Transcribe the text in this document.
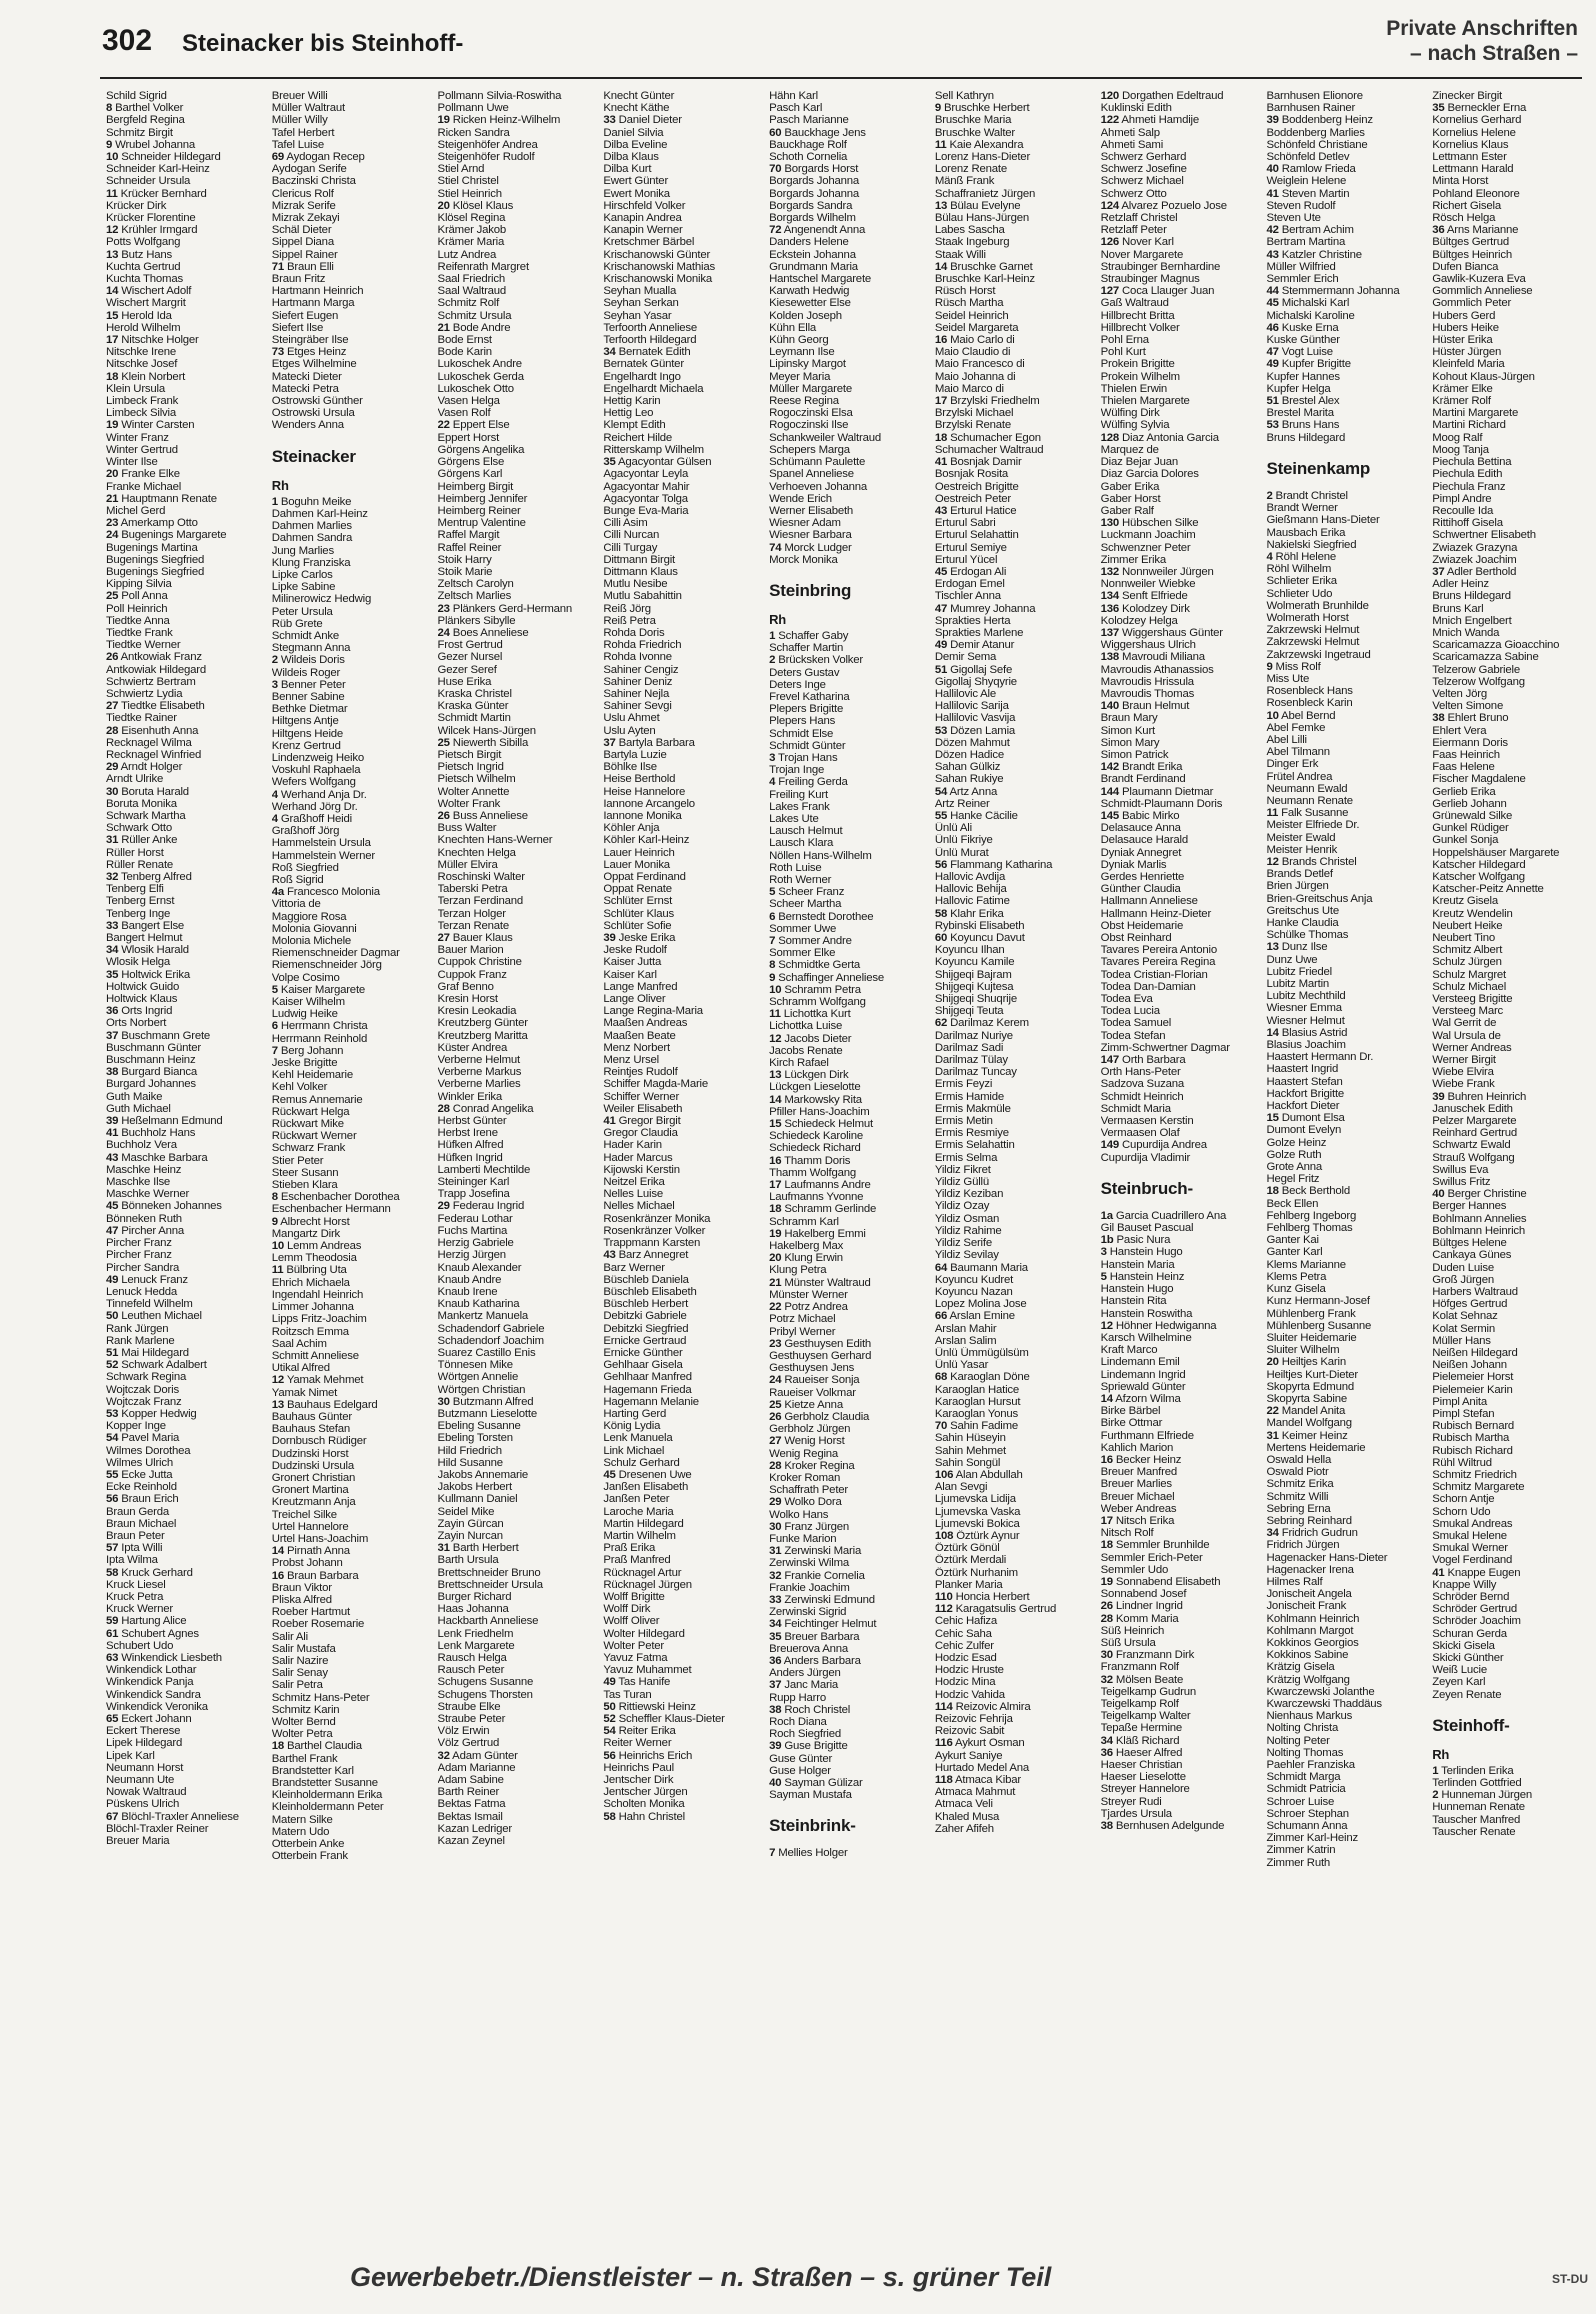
302 Steinacker bis Steinhoff-
Private Anschriften
– nach Straßen –
Schild Sigrid
8 Barthel Volker
Bergfeld Regina
Schmitz Birgit
9 Wrubel Johanna
10 Schneider Hildegard
Schneider Karl-Heinz
Schneider Ursula
11 Krücker Bernhard
Krücker Dirk
Krücker Florentine
12 Krühler Irmgard
Potts Wolfgang
13 Butz Hans
Kuchta Gertrud
Kuchta Thomas
14 Wischert Adolf
Wischert Margrit
15 Herold Ida
Herold Wilhelm
17 Nitschke Holger
Nitschke Irene
Nitschke Josef
18 Klein Norbert
Klein Ursula
Limbeck Frank
Limbeck Silvia
19 Winter Carsten
Winter Franz
Winter Gertrud
Winter Ilse
20 Franke Elke
Franke Michael
21 Hauptmann Renate
Michel Gerd
23 Amerkamp Otto
24 Bugenings Margarete
Bugenings Martina
Bugenings Siegfried
Bugenings Siegfried
Kipping Silvia
25 Poll Anna
Poll Heinrich
Tiedtke Anna
Tiedtke Frank
Tiedtke Werner
26 Antkowiak Franz
Antkowiak Hildegard
Schwiertz Bertram
Schwiertz Lydia
27 Tiedtke Elisabeth
Tiedtke Rainer
28 Eisenhuth Anna
Recknagel Wilma
Recknagel Winfried
29 Arndt Holger
Arndt Ulrike
30 Boruta Harald
Boruta Monika
Schwark Martha
Schwark Otto
31 Rüller Anke
Rüller Horst
Rüller Renate
32 Tenberg Alfred
Tenberg Elfi
Tenberg Ernst
Tenberg Inge
33 Bangert Else
Bangert Helmut
34 Wlosik Harald
Wlosik Helga
35 Holtwick Erika
Holtwick Guido
Holtwick Klaus
36 Orts Ingrid
Orts Norbert
37 Buschmann Grete
Buschmann Günter
Buschmann Heinz
38 Burgard Bianca
Burgard Johannes
Guth Maike
Guth Michael
39 Heßelmann Edmund
41 Buchholz Hans
Buchholz Vera
43 Maschke Barbara
Maschke Heinz
Maschke Ilse
Maschke Werner
45 Bönneken Johannes
Bönneken Ruth
47 Pircher Anna
Pircher Franz
Pircher Franz
Pircher Sandra
49 Lenuck Franz
Lenuck Hedda
Tinnefeld Wilhelm
50 Leuthen Michael
Rank Jürgen
Rank Marlene
51 Mai Hildegard
52 Schwark Adalbert
Schwark Regina
Wojtczak Doris
Wojtczak Franz
53 Kopper Hedwig
Kopper Inge
54 Pavel Maria
Wilmes Dorothea
Wilmes Ulrich
55 Ecke Jutta
Ecke Reinhold
56 Braun Erich
Braun Gerda
Braun Michael
Braun Peter
57 Ipta Willi
Ipta Wilma
58 Kruck Gerhard
Kruck Liesel
Kruck Petra
Kruck Werner
59 Hartung Alice
61 Schubert Agnes
Schubert Udo
63 Winkendick Liesbeth
Winkendick Lothar
Winkendick Panja
Winkendick Sandra
Winkendick Veronika
65 Eckert Johann
Eckert Therese
Lipek Hildegard
Lipek Karl
Neumann Horst
Neumann Ute
Nowak Waltraud
Püskens Ulrich
67 Blöchl-Traxler Anneliese
Blöchl-Traxler Reiner
Breuer Maria
Breuer Willi
Müller Waltraut
Müller Willy
Tafel Herbert
Tafel Luise
69 Aydogan Recep
Aydogan Serife
Baczinski Christa
Clericus Rolf
Mizrak Serife
Mizrak Zekayi
Schäl Dieter
Sippel Diana
Sippel Rainer
71 Braun Elli
Braun Fritz
Hartmann Heinrich
Hartmann Marga
Siefert Eugen
Siefert Ilse
Steingräber Ilse
73 Etges Heinz
Etges Wilhelmine
Matecki Dieter
Matecki Petra
Ostrowski Günther
Ostrowski Ursula
Wenders Anna
Steinacker
Rh
1 Boguhn Meike
Dahmen Karl-Heinz
Dahmen Marlies
Dahmen Sandra
Jung Marlies
Klung Franziska
Lipke Carlos
Lipke Sabine
Milinerowicz Hedwig
Peter Ursula
Rüb Grete
Schmidt Anke
Stegmann Anna
2 Wildeis Doris
Wildeis Roger
3 Benner Peter
Benner Sabine
Bethke Dietmar
Hiltgens Antje
Hiltgens Heide
Krenz Gertrud
Lindenzweig Heiko
Voskuhl Raphaela
Wefers Wolfgang
4 Werhand Anja Dr.
Werhand Jörg Dr.
4 Graßhoff Heidi
Graßhoff Jörg
Hammelstein Ursula
Hammelstein Werner
Roß Siegfried
Roß Sigrid
4a Francesco Molonia
Vittoria de
Maggiore Rosa
Molonia Giovanni
Molonia Michele
Riemenschneider Dagmar
Riemenschneider Jörg
Volpe Cosimo
5 Kaiser Margarete
Kaiser Wilhelm
Ludwig Heike
6 Herrmann Christa
Herrmann Reinhold
7 Berg Johann
Jeske Brigitte
Kehl Heidemarie
Kehl Volker
Remus Annemarie
Rückwart Helga
Rückwart Mike
Rückwart Werner
Schwarz Frank
Stier Peter
Steer Susann
Stieben Klara
8 Eschenbacher Dorothea
Eschenbacher Hermann
9 Albrecht Horst
Mangartz Dirk
10 Lemm Andreas
Lemm Theodosia
11 Bülbring Uta
Ehrich Michaela
Ingendahl Heinrich
Limmer Johanna
Lipps Fritz-Joachim
Roitzsch Emma
Saal Achim
Schmitt Anneliese
Utikal Alfred
12 Yamak Mehmet
Yamak Nimet
13 Bauhaus Edelgard
Bauhaus Günter
Bauhaus Stefan
Dornbusch Rüdiger
Dudzinski Horst
Dudzinski Ursula
Gronert Christian
Gronert Martina
Kreutzmann Anja
Treichel Silke
Urtel Hannelore
Urtel Hans-Joachim
14 Pirnath Anna
Probst Johann
16 Braun Barbara
Braun Viktor
Pliska Alfred
Roeber Hartmut
Roeber Rosemarie
Salir Ali
Salir Mustafa
Salir Nazire
Salir Senay
Salir Petra
Schmitz Hans-Peter
Schmitz Karin
Wolter Bernd
Wolter Petra
18 Barthel Claudia
Barthel Frank
Brandstetter Karl
Brandstetter Susanne
Kleinholdermann Erika
Kleinholdermann Peter
Matern Silke
Matern Udo
Otterbein Anke
Otterbein Frank
Pollmann Silvia-Roswitha
Pollmann Uwe
19 Ricken Heinz-Wilhelm
Ricken Sandra
Steigenhöfer Andrea
Steigenhöfer Rudolf
Stiel Arnd
Stiel Christel
Stiel Heinrich
20 Klösel Klaus
Klösel Regina
Krämer Jakob
Krämer Maria
Lutz Andrea
Reifenrath Margret
Saal Friedrich
Saal Waltraud
Schmitz Rolf
Schmitz Ursula
21 Bode Andre
Bode Ernst
Bode Karin
Lukoschek Andre
Lukoschek Gerda
Lukoschek Otto
Vasen Helga
Vasen Rolf
22 Eppert Else
Eppert Horst
Görgens Angelika
Görgens Else
Görgens Karl
Heimberg Birgit
Heimberg Jennifer
Heimberg Reiner
Mentrup Valentine
Raffel Margit
Raffel Reiner
Stoik Harry
Stoik Marie
Zeltsch Carolyn
Zeltsch Marlies
23 Plänkers Gerd-Hermann
Plänkers Sibylle
24 Boes Anneliese
Frost Gertrud
Gezer Nursel
Gezer Seref
Huse Erika
Kraska Christel
Kraska Günter
Schmidt Martin
Wilcek Hans-Jürgen
25 Niewerth Sibilla
Pietsch Birgit
Pietsch Ingrid
Pietsch Wilhelm
Wolter Annette
Wolter Frank
26 Buss Anneliese
Buss Walter
Knechten Hans-Werner
Knechten Helga
Müller Elvira
Roschinski Walter
Taberski Petra
Terzan Ferdinand
Terzan Holger
Terzan Renate
27 Bauer Klaus
Bauer Marion
Cuppok Christine
Cuppok Franz
Graf Benno
Kresin Horst
Kresin Leokadia
Kreutzberg Günter
Kreutzberg Maritta
Küster Andrea
Verberne Helmut
Verberne Markus
Verberne Marlies
Winkler Erika
28 Conrad Angelika
Herbst Günter
Herbst Irene
Hüfken Alfred
Hüfken Ingrid
Lamberti Mechtilde
Steininger Karl
Trapp Josefina
29 Federau Ingrid
Federau Lothar
Fuchs Martina
Herzig Gabriele
Herzig Jürgen
Knaub Alexander
Knaub Andre
Knaub Irene
Knaub Katharina
Mankertz Manuela
Schadendorf Gabriele
Schadendorf Joachim
Suarez Castillo Enis
Tönnesen Mike
Wörtgen Annelie
Wörtgen Christian
30 Butzmann Alfred
Butzmann Lieselotte
Ebeling Susanne
Ebeling Torsten
Hild Friedrich
Hild Susanne
Jakobs Annemarie
Jakobs Herbert
Kullmann Daniel
Seidel Mike
Zayin Gürcan
Zayin Nurcan
31 Barth Herbert
Barth Ursula
Brettschneider Bruno
Brettschneider Ursula
Burger Richard
Haas Johanna
Hackbarth Anneliese
Lenk Friedhelm
Lenk Margarete
Rausch Helga
Rausch Peter
Schugens Susanne
Schugens Thorsten
Straube Elke
Straube Peter
Völz Erwin
Völz Gertrud
32 Adam Günter
Adam Marianne
Adam Sabine
Barth Reiner
Bektas Fatma
Bektas Ismail
Kazan Ledriger
Kazan Zeynel
Knecht Günter
Knecht Käthe
33 Daniel Dieter
Daniel Silvia
Dilba Eveline
Dilba Klaus
Dilba Kurt
Ewert Günter
Ewert Monika
Hirschfeld Volker
Kanapin Andrea
Kanapin Werner
Kretschmer Bärbel
Krischanowski Günter
Krischanowski Mathias
Krischanowski Monika
Seyhan Mualla
Seyhan Serkan
Seyhan Yasar
Terfoorth Anneliese
Terfoorth Hildegard
34 Bernatek Edith
Bernatek Günter
Engelhardt Ingo
Engelhardt Michaela
Hettig Karin
Hettig Leo
Klempt Edith
Reichert Hilde
Ritterskamp Wilhelm
35 Agacyontar Gülsen
Agacyontar Leyla
Agacyontar Mahir
Agacyontar Tolga
Bunge Eva-Maria
Cilli Asim
Cilli Nurcan
Cilli Turgay
Dittmann Birgit
Dittmann Klaus
Mutlu Nesibe
Mutlu Sabahittin
Reiß Jörg
Reiß Petra
Rohda Doris
Rohda Friedrich
Rohda Ivonne
Sahiner Cengiz
Sahiner Deniz
Sahiner Nejla
Sahiner Sevgi
Uslu Ahmet
Uslu Ayten
37 Bartyla Barbara
Bartyla Luzie
Böhlke Ilse
Heise Berthold
Heise Hannelore
Iannone Arcangelo
Iannone Monika
Köhler Anja
Köhler Karl-Heinz
Lauer Heinrich
Lauer Monika
Oppat Ferdinand
Oppat Renate
Schlüter Ernst
Schlüter Klaus
Schlüter Sofie
39 Jeske Erika
Jeske Rudolf
Kaiser Jutta
Kaiser Karl
Lange Manfred
Lange Oliver
Lange Regina-Maria
Maaßen Andreas
Maaßen Beate
Menz Norbert
Menz Ursel
Reintjes Rudolf
Schiffer Magda-Marie
Schiffer Werner
Weiler Elisabeth
41 Gregor Birgit
Gregor Claudia
Hader Karin
Hader Marcus
Kijowski Kerstin
Neitzel Erika
Nelles Luise
Nelles Michael
Rosenkränzer Monika
Rosenkränzer Volker
Trappmann Karsten
43 Barz Annegret
Barz Werner
Büschleb Daniela
Büschleb Elisabeth
Büschleb Herbert
Debitzki Gabriele
Debitzki Siegfried
Ernicke Gertraud
Ernicke Günther
Gehlhaar Gisela
Gehlhaar Manfred
Hagemann Frieda
Hagemann Melanie
Harting Gerd
König Lydia
Lenk Manuela
Link Michael
Schulz Gerhard
45 Dresenen Uwe
Janßen Elisabeth
Janßen Peter
Laroche Maria
Martin Hildegard
Martin Wilhelm
Praß Erika
Praß Manfred
Rücknagel Artur
Rücknagel Jürgen
Wolff Brigitte
Wolff Dirk
Wolff Oliver
Wolter Hildegard
Wolter Peter
Yavuz Fatma
Yavuz Muhammet
49 Tas Hanife
Tas Turan
50 Rittiewski Heinz
52 Scheffler Klaus-Dieter
54 Reiter Erika
Reiter Werner
56 Heinrichs Erich
Heinrichs Paul
Jentscher Dirk
Jentscher Jürgen
Scholten Monika
58 Hahn Christel
Hähn Karl
Pasch Karl
Pasch Marianne
60 Bauckhage Jens
Bauckhage Rolf
Schoth Cornelia
70 Borgards Horst
Borgards Johanna
Borgards Johanna
Borgards Sandra
Borgards Wilhelm
72 Angenendt Anna
Danders Helene
Eckstein Johanna
Grundmann Maria
Hantschel Margarete
Karwath Hedwig
Kiesewetter Else
Kolden Joseph
Kühn Ella
Kühn Georg
Leymann Ilse
Lipinsky Margot
Meyer Maria
Müller Margarete
Reese Regina
Rogoczinski Elsa
Rogoczinski Ilse
Schankweiler Waltraud
Schepers Marga
Schümann Paulette
Spanel Anneliese
Verhoeven Johanna
Wende Erich
Werner Elisabeth
Wiesner Adam
Wiesner Barbara
74 Morck Ludger
Morck Monika
Steinbring
Rh
1 Schaffer Gaby
Schaffer Martin
2 Brücksken Volker
Deters Gustav
Deters Inge
Frevel Katharina
Plepers Brigitte
Plepers Hans
Schmidt Else
Schmidt Günter
3 Trojan Hans
Trojan Inge
4 Freiling Gerda
Freiling Kurt
Lakes Frank
Lakes Ute
Lausch Helmut
Lausch Klara
Nöllen Hans-Wilhelm
Roth Luise
Roth Werner
5 Scheer Franz
Scheer Martha
6 Bernstedt Dorothee
Sommer Uwe
7 Sommer Andre
Sommer Elke
8 Schmidtke Gerta
9 Schaffinger Anneliese
10 Schramm Petra
Schramm Wolfgang
11 Lichottka Kurt
Lichottka Luise
12 Jacobs Dieter
Jacobs Renate
Kirch Rafael
13 Lückgen Dirk
Lückgen Lieselotte
14 Markowsky Rita
Pfiller Hans-Joachim
15 Schiedeck Helmut
Schiedeck Karoline
Schiedeck Richard
16 Thamm Doris
Thamm Wolfgang
17 Laufmanns Andre
Laufmanns Yvonne
18 Schramm Gerlinde
Schramm Karl
19 Hakelberg Emmi
Hakelberg Max
20 Klung Erwin
Klung Petra
21 Münster Waltraud
Münster Werner
22 Potrz Andrea
Potrz Michael
Pribyl Werner
23 Gesthuysen Edith
Gesthuysen Gerhard
Gesthuysen Jens
24 Raueiser Sonja
Raueiser Volkmar
25 Kietze Anna
26 Gerbholz Claudia
Gerbholz Jürgen
27 Wenig Horst
Wenig Regina
28 Kroker Regina
Kroker Roman
Schaffrath Peter
29 Wolko Dora
Wolko Hans
30 Franz Jürgen
Funke Marion
31 Zerwinski Maria
Zerwinski Wilma
32 Frankie Cornelia
Frankie Joachim
33 Zerwinski Edmund
Zerwinski Sigrid
34 Feichtinger Helmut
35 Breuer Barbara
Breuerova Anna
36 Anders Barbara
Anders Jürgen
37 Janc Maria
Rupp Harro
38 Roch Christel
Roch Diana
Roch Siegfried
39 Guse Brigitte
Guse Günter
Guse Holger
40 Sayman Gülizar
Sayman Mustafa
Steinbrink-
7 Mellies Holger
Sell Kathryn
9 Bruschke Herbert
Bruschke Maria
Bruschke Walter
11 Kaie Alexandra
Lorenz Hans-Dieter
Lorenz Renate
Mänß Frank
Schaffranietz Jürgen
13 Bülau Evelyne
Bülau Hans-Jürgen
Labes Sascha
Staak Ingeburg
Staak Willi
14 Bruschke Garnet
Bruschke Karl-Heinz
Rüsch Horst
Rüsch Martha
Seidel Heinrich
Seidel Margareta
16 Maio Carlo di
Maio Claudio di
Maio Francesco di
Maio Johanna di
Maio Marco di
17 Brzylski Friedhelm
Brzylski Michael
Brzylski Renate
18 Schumacher Egon
Schumacher Waltraud
41 Bosnjak Damir
Bosnjak Rosita
Oestreich Brigitte
Oestreich Peter
43 Erturul Hatice
Erturul Sabri
Erturul Selahattin
Erturul Semiye
Erturul Yücel
45 Erdogan Ali
Erdogan Emel
Tischler Anna
47 Mumrey Johanna
Sprakties Herta
Sprakties Marlene
49 Demir Atanur
Demir Sema
51 Gigollaj Sefe
Gigollaj Shyqyrie
Hallilovic Ale
Hallilovic Sarija
Hallilovic Vasvija
53 Dözen Lamia
Dözen Mahmut
Dözen Hadice
Sahan Gülkiz
Sahan Rukiye
54 Artz Anna
Artz Reiner
55 Hanke Cäcilie
Ünlü Ali
Ünlü Fikriye
Ünlü Murat
56 Flammang Katharina
Hallovic Avdija
Hallovic Behija
Hallovic Fatime
58 Klahr Erika
Rybinski Elisabeth
60 Koyuncu Davut
Koyuncu Ilhan
Koyuncu Kamile
Shijgeqi Bajram
Shijgeqi Kujtesa
Shijgeqi Shuqrije
Shijgeqi Teuta
62 Darilmaz Kerem
Darilmaz Nuriye
Darilmaz Sadi
Darilmaz Tülay
Darilmaz Tuncay
Ermis Feyzi
Ermis Hamide
Ermis Makmüle
Ermis Metin
Ermis Resmiye
Ermis Selahattin
Ermis Selma
Yildiz Fikret
Yildiz Güllü
Yildiz Keziban
Yildiz Ozay
Yildiz Osman
Yildiz Rahime
Yildiz Serife
Yildiz Sevilay
64 Baumann Maria
Koyuncu Kudret
Koyuncu Nazan
Lopez Molina Jose
66 Arslan Emine
Arslan Mahir
Arslan Salim
Ünlü Ümmügülsüm
Ünlü Yasar
68 Karaoglan Döne
Karaoglan Hatice
Karaoglan Hursut
Karaoglan Yonus
70 Sahin Fadime
Sahin Hüseyin
Sahin Mehmet
Sahin Songül
106 Alan Abdullah
Alan Sevgi
Ljumevska Lidija
Ljumevska Vaska
Ljumevski Bokica
108 Öztürk Aynur
Öztürk Gönül
Öztürk Merdali
Öztürk Nurhanim
Planker Maria
110 Honcia Herbert
112 Karagatsulis Gertrud
Cehic Hafiza
Cehic Saha
Cehic Zulfer
Hodzic Esad
Hodzic Hruste
Hodzic Mina
Hodzic Vahida
114 Reizovic Almira
Reizovic Fehrija
Reizovic Sabit
116 Aykurt Osman
Aykurt Saniye
Hurtado Medel Ana
118 Atmaca Kibar
Atmaca Mahmut
Atmaca Veli
Khaled Musa
Zaher Afifeh
120 Dorgathen Edeltraud
Kuklinski Edith
122 Ahmeti Hamdije
Ahmeti Salp
Ahmeti Sami
Schwerz Gerhard
Schwerz Josefine
Schwerz Michael
Schwerz Otto
124 Alvarez Pozuelo Jose
Retzlaff Christel
Retzlaff Peter
126 Nover Karl
Nover Margarete
Straubinger Bernhardine
Straubinger Magnus
127 Coca Llauger Juan
Gaß Waltraud
Hillbrecht Britta
Hillbrecht Volker
Pohl Erna
Pohl Kurt
Prokein Brigitte
Prokein Wilhelm
Thielen Erwin
Thielen Margarete
Wülfing Dirk
Wülfing Sylvia
128 Diaz Antonia Garcia
Marquez de
Diaz Bejar Juan
Diaz Garcia Dolores
Gaber Erika
Gaber Horst
Gaber Ralf
130 Hübschen Silke
Luckmann Joachim
Schwenzner Peter
Zimmer Erika
132 Nonnweiler Jürgen
Nonnweiler Wiebke
134 Senft Elfriede
136 Kolodzey Dirk
Kolodzey Helga
137 Wiggershaus Günter
Wiggershaus Ulrich
138 Mavroudi Miliana
Mavroudis Athanassios
Mavroudis Hrissula
Mavroudis Thomas
140 Braun Helmut
Braun Mary
Simon Kurt
Simon Mary
Simon Patrick
142 Brandt Erika
Brandt Ferdinand
144 Plaumann Dietmar
Schmidt-Plaumann Doris
145 Babic Mirko
Delasauce Anna
Delasauce Harald
Dyniak Annegret
Dyniak Marlis
Gerdes Henriette
Günther Claudia
Hallmann Anneliese
Hallmann Heinz-Dieter
Obst Heidemarie
Obst Reinhard
Tavares Pereira Antonio
Tavares Pereira Regina
Todea Cristian-Florian
Todea Dan-Damian
Todea Eva
Todea Lucia
Todea Samuel
Todea Stefan
Zimm-Schwertner Dagmar
147 Orth Barbara
Orth Hans-Peter
Sadzova Suzana
Schmidt Heinrich
Schmidt Maria
Vermaasen Kerstin
Vermaasen Olaf
149 Cupurdija Andrea
Cupurdija Vladimir
Steinbruch-
1a Garcia Cuadrillero Ana
Gil Bauset Pascual
1b Pasic Nura
3 Hanstein Hugo
Hanstein Maria
5 Hanstein Heinz
Hanstein Hugo
Hanstein Rita
Hanstein Roswitha
12 Höhner Hedwiganna
Karsch Wilhelmine
Kraft Marco
Lindemann Emil
Lindemann Ingrid
Spriewald Günter
14 Afzorn Wilma
Birke Bärbel
Birke Ottmar
Furthmann Elfriede
Kahlich Marion
16 Becker Heinz
Breuer Manfred
Breuer Marlies
Breuer Michael
Weber Andreas
17 Nitsch Erika
Nitsch Rolf
18 Semmler Brunhilde
Semmler Erich-Peter
Semmler Udo
19 Sonnabend Elisabeth
Sonnabend Josef
26 Lindner Ingrid
28 Komm Maria
Süß Heinrich
Süß Ursula
30 Franzmann Dirk
Franzmann Rolf
32 Mölsen Beate
Teigelkamp Gudrun
Teigelkamp Rolf
Teigelkamp Walter
Tepaße Hermine
34 Kläß Richard
36 Haeser Alfred
Haeser Christian
Haeser Lieselotte
Streyer Hannelore
Streyer Rudi
Tjardes Ursula
38 Bernhusen Adelgunde
Barnhusen Elionore
Barnhusen Rainer
39 Boddenberg Heinz
Boddenberg Marlies
Schönfeld Christiane
Schönfeld Detlev
40 Ramlow Frieda
Weiglein Helene
41 Steven Martin
Steven Rudolf
Steven Ute
42 Bertram Achim
Bertram Martina
43 Katzler Christine
Müller Wilfried
Semmler Erich
44 Stemmermann Johanna
45 Michalski Karl
Michalski Karoline
46 Kuske Erna
Kuske Günther
47 Vogt Luise
49 Kupfer Brigitte
Kupfer Hannes
Kupfer Helga
51 Brestel Alex
Brestel Marita
53 Bruns Hans
Bruns Hildegard
Steinenkamp
2 Brandt Christel
Brandt Werner
Gießmann Hans-Dieter
Mausbach Erika
Nakielski Siegfried
4 Röhl Helene
Röhl Wilhelm
Schlieter Erika
Schlieter Udo
Wolmerath Brunhilde
Wolmerath Horst
Zakrzewski Helmut
Zakrzewski Helmut
Zakrzewski Ingetraud
9 Miss Rolf
Miss Ute
Rosenbleck Hans
Rosenbleck Karin
10 Abel Bernd
Abel Femke
Abel Lilli
Abel Tilmann
Dinger Erk
Frütel Andrea
Neumann Ewald
Neumann Renate
11 Falk Susanne
Meister Elfriede Dr.
Meister Ewald
Meister Henrik
12 Brands Christel
Brands Detlef
Brien Jürgen
Brien-Greitschus Anja
Greitschus Ute
Hanke Claudia
Schülke Thomas
13 Dunz Ilse
Dunz Uwe
Lubitz Friedel
Lubitz Martin
Lubitz Mechthild
Wiesner Emma
Wiesner Helmut
14 Blasius Astrid
Blasius Joachim
Haastert Hermann Dr.
Haastert Ingrid
Haastert Stefan
Hackfort Brigitte
Hackfort Dieter
15 Dumont Elsa
Dumont Evelyn
Golze Heinz
Golze Ruth
Grote Anna
Hegel Fritz
18 Beck Berthold
Beck Ellen
Fehlberg Ingeborg
Fehlberg Thomas
Ganter Kai
Ganter Karl
Klems Marianne
Klems Petra
Kunz Gisela
Kunz Hermann-Josef
Mühlenberg Frank
Mühlenberg Susanne
Sluiter Heidemarie
Sluiter Wilhelm
20 Heiltjes Karin
Heiltjes Kurt-Dieter
Skopyrta Edmund
Skopyrta Sabine
22 Mandel Anita
Mandel Wolfgang
31 Keimer Heinz
Mertens Heidemarie
Oswald Hella
Oswald Piotr
Schmitz Erika
Schmitz Willi
Sebring Erna
Sebring Reinhard
34 Fridrich Gudrun
Fridrich Jürgen
Hagenacker Hans-Dieter
Hagenacker Irena
Hilmes Ralf
Jonischeit Angela
Jonischeit Frank
Kohlmann Heinrich
Kohlmann Margot
Kokkinos Georgios
Kokkinos Sabine
Krätzig Gisela
Krätzig Wolfgang
Kwarczewski Jolanthe
Kwarczewski Thaddäus
Nienhaus Markus
Nolting Christa
Nolting Peter
Nolting Thomas
Paehler Franziska
Schmidt Marga
Schmidt Patricia
Schroer Luise
Schroer Stephan
Schumann Anna
Zimmer Karl-Heinz
Zimmer Katrin
Zimmer Ruth
Zinecker Birgit
35 Berneckler Erna
Kornelius Gerhard
Kornelius Helene
Kornelius Klaus
Lettmann Ester
Lettmann Harald
Minta Horst
Pohland Eleonore
Richert Gisela
Rösch Helga
36 Arns Marianne
Bültges Gertrud
Bültges Heinrich
Dufen Bianca
Gawlik-Kuzera Eva
Gommlich Anneliese
Gommlich Peter
Hubers Gerd
Hubers Heike
Hüster Erika
Hüster Jürgen
Kleinfeld Maria
Kohout Klaus-Jürgen
Krämer Elke
Krämer Rolf
Martini Margarete
Martini Richard
Moog Ralf
Moog Tanja
Piechula Bettina
Piechula Edith
Piechula Franz
Pimpl Andre
Recoulle Ida
Rittihoff Gisela
Schwertner Elisabeth
Zwiazek Grazyna
Zwiazek Joachim
37 Adler Berthold
Adler Heinz
Bruns Hildegard
Bruns Karl
Mnich Engelbert
Mnich Wanda
Scaricamazza Gioacchino
Scaricamazza Sabine
Telzerow Gabriele
Telzerow Wolfgang
Velten Jörg
Velten Simone
38 Ehlert Bruno
Ehlert Vera
Eiermann Doris
Faas Heinrich
Faas Helene
Fischer Magdalene
Gerlieb Erika
Gerlieb Johann
Grünewald Silke
Gunkel Rüdiger
Gunkel Sonja
Hoppelshäuser Margarete
Katscher Hildegard
Katscher Wolfgang
Katscher-Peitz Annette
Kreutz Gisela
Kreutz Wendelin
Neubert Heike
Neubert Tino
Schmitz Albert
Schulz Jürgen
Schulz Margret
Schulz Michael
Versteeg Brigitte
Versteeg Marc
Wal Gerrit de
Wal Ursula de
Werner Andreas
Werner Birgit
Wiebe Elvira
Wiebe Frank
39 Buhren Heinrich
Januschek Edith
Pelzer Margarete
Reinhard Gertrud
Schwartz Ewald
Strauß Wolfgang
Swillus Eva
Swillus Fritz
40 Berger Christine
Berger Hannes
Bohlmann Annelies
Bohlmann Heinrich
Bültges Helene
Cankaya Günes
Duden Luise
Groß Jürgen
Harbers Waltraud
Höfges Gertrud
Kolat Sehnaz
Kolat Sermin
Müller Hans
Neißen Hildegard
Neißen Johann
Pielemeier Horst
Pielemeier Karin
Pimpl Anita
Pimpl Stefan
Rubisch Bernard
Rubisch Martha
Rubisch Richard
Rühl Wiltrud
Schmitz Friedrich
Schmitz Margarete
Schorn Antje
Schorn Udo
Smukal Andreas
Smukal Helene
Smukal Werner
Vogel Ferdinand
41 Knappe Eugen
Knappe Willy
Schröder Bernd
Schröder Gertrud
Schröder Joachim
Schuran Gerda
Skicki Gisela
Skicki Günther
Weiß Lucie
Zeyen Karl
Zeyen Renate
Steinhoff-
Rh
1 Terlinden Erika
Terlinden Gottfried
2 Hunneman Jürgen
Hunneman Renate
Tauscher Manfred
Tauscher Renate
Gewerbebetr./Dienstleister – n. Straßen – s. grüner Teil	ST-DU
